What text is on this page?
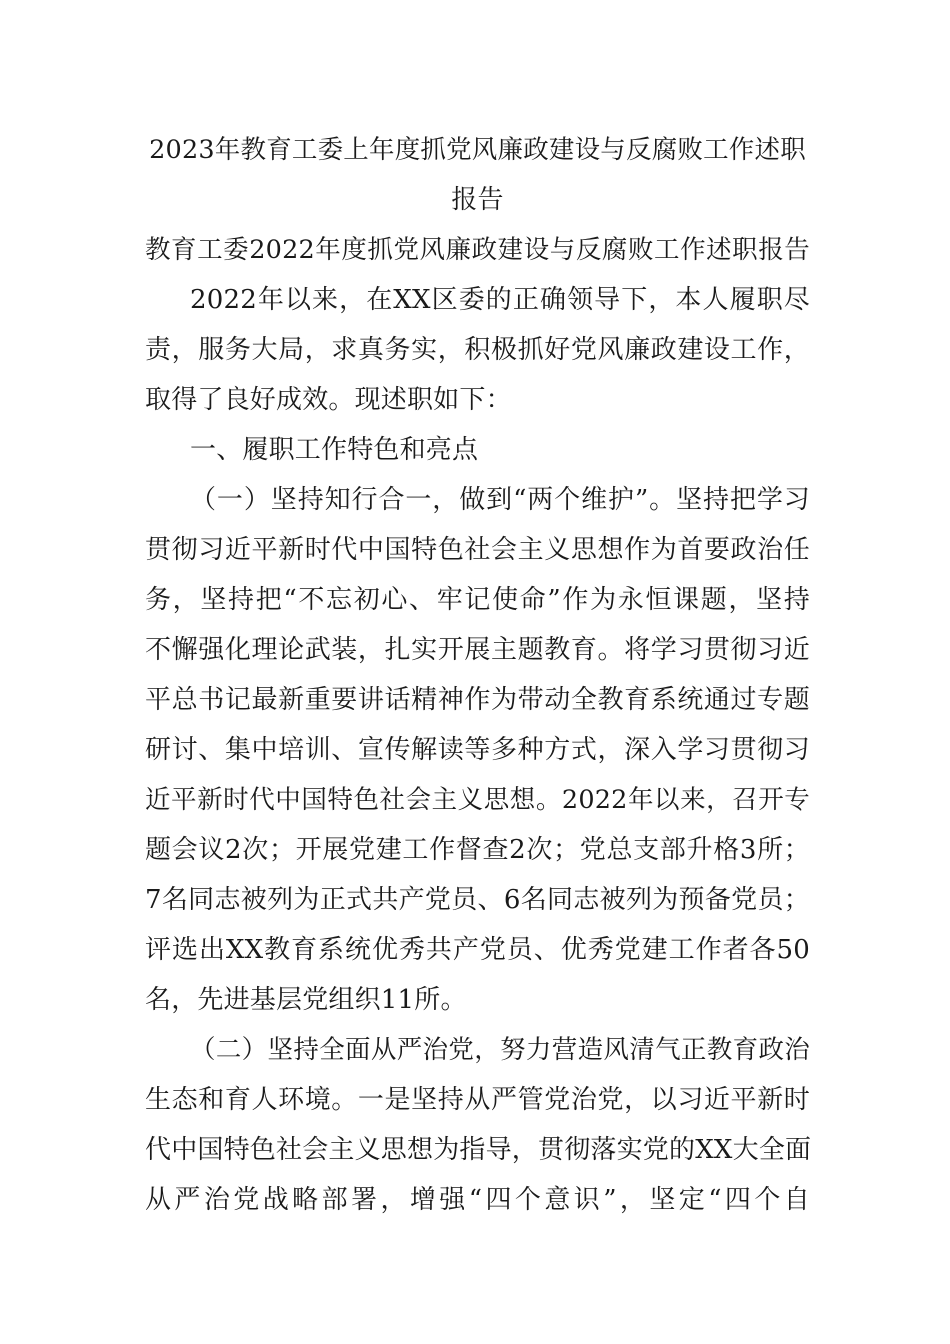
2023年教育工委上年度抓党风廉政建设与反腐败工作述职
报告
教育工委2022年度抓党风廉政建设与反腐败工作述职报告
2022年以来，在XX区委的正确领导下，本人履职尽
责，服务大局，求真务实，积极抓好党风廉政建设工作，
取得了良好成效。现述职如下：
一、履职工作特色和亮点
（一）坚持知行合一，做到“两个维护”。坚持把学习
贯彻习近平新时代中国特色社会主义思想作为首要政治任
务，坚持把“不忘初心、牢记使命”作为永恒课题，坚持
不懈强化理论武装，扎实开展主题教育。将学习贯彻习近
平总书记最新重要讲话精神作为带动全教育系统通过专题
研讨、集中培训、宣传解读等多种方式，深入学习贯彻习
近平新时代中国特色社会主义思想。2022年以来，召开专
题会议2次；开展党建工作督查2次；党总支部升格3所；
7名同志被列为正式共产党员、6名同志被列为预备党员；
评选出XX教育系统优秀共产党员、优秀党建工作者各50
名，先进基层党组织11所。
（二）坚持全面从严治党，努力营造风清气正教育政治
生态和育人环境。一是坚持从严管党治党，以习近平新时
代中国特色社会主义思想为指导，贯彻落实党的XX大全面
从严治党战略部署，增强“四个意识”，坚定“四个自
